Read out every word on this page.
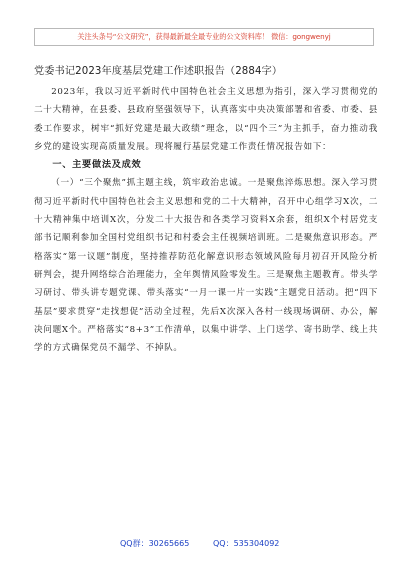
关注头条号“公文研究”，获得最新最全最专业的公文资料库！ 微信：gongwenyj
党委书记2023年度基层党建工作述职报告（2884字）

2023年，我以习近平新时代中国特色社会主义思想为指引，深入学习贯彻党的二十大精神，在县委、县政府坚强领导下，认真落实中央决策部署和省委、市委、县委工作要求，树牢“抓好党建是最大政绩”理念，以“四个三”为主抓手，奋力推动我乡党的建设实现高质量发展。现将履行基层党建工作责任情况报告如下：

一、主要做法及成效

（一）“三个聚焦”抓主题主线，筑牢政治忠诚。一是聚焦淬炼思想。深入学习贯彻习近平新时代中国特色社会主义思想和党的二十大精神，召开中心组学习X次，二十大精神集中培训X次，分发二十大报告和各类学习资料X余套，组织X个村居党支部书记顺利参加全国村党组织书记和村委会主任视频培训班。二是聚焦意识形态。严格落实“第一议题”制度，坚持推荐防范化解意识形态领域风险每月初召开风险分析研判会，提升网络综合治理能力，全年舆情风险零发生。三是聚焦主题教育。带头学习研讨、带头讲专题党课、带头落实“一月一课一片一实践”主题党日活动。把“四下基层”要求贯穿“走找想促”活动全过程，先后X次深入各村一线现场调研、办公，解决问题X个。严格落实“8+3”工作清单，以集中讲学、上门送学、寄书助学、线上共学的方式确保党员不漏学、不掉队。

QQ群：30265665	QQ：535304092
